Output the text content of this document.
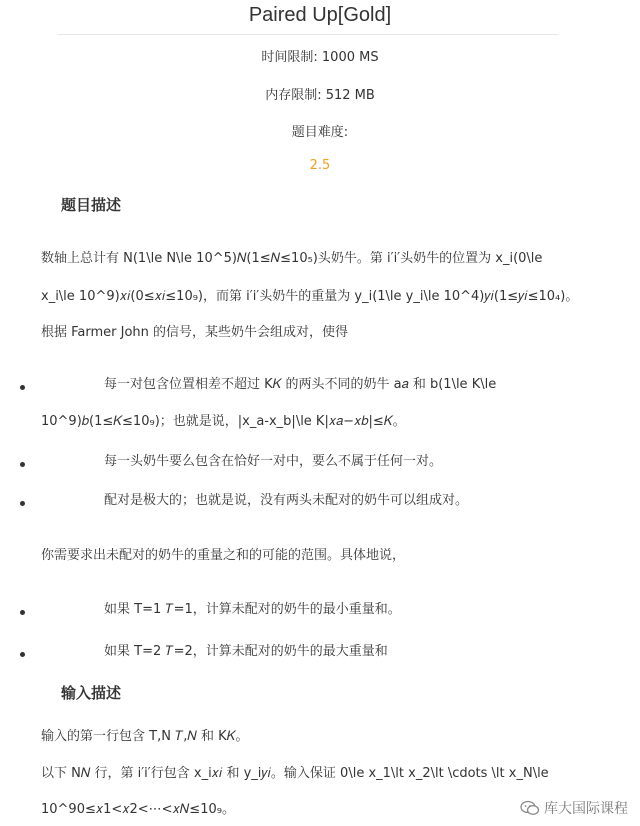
Paired Up[Gold]
时间限制: 1000 MS
内存限制: 512 MB
题目难度:
2.5
题目描述
数轴上总计有 N(1\le N\le 10^5)𝑁(1≤𝑁≤10₅)头奶牛。第 i′i′头奶牛的位置为 x_i(0\le
x_i\le 10^9)𝑥𝑖(0≤𝑥𝑖≤10₉)，而第 i′i′头奶牛的重量为 y_i(1\le y_i\le 10^4)𝑦𝑖(1≤𝑦𝑖≤10₄)。
根据 Farmer John 的信号，某些奶牛会组成对，使得
每一对包含位置相差不超过 K𝐾 的两头不同的奶牛 a𝑎 和 b(1\le K\le
10^9)𝑏(1≤𝐾≤10₉)；也就是说，|x_a-x_b|\le K|𝑥𝑎−𝑥𝑏|≤𝐾。
每一头奶牛要么包含在恰好一对中，要么不属于任何一对。
配对是极大的；也就是说，没有两头未配对的奶牛可以组成对。
你需要求出未配对的奶牛的重量之和的可能的范围。具体地说，
如果 T=1 𝑇=1，计算未配对的奶牛的最小重量和。
如果 T=2 𝑇=2，计算未配对的奶牛的最大重量和
输入描述
输入的第一行包含 T,N 𝑇,𝑁 和 K𝐾。
以下 N𝑁 行，第 i′i′行包含 x_i𝑥𝑖 和 y_i𝑦𝑖。输入保证 0\le x_1\lt x_2\lt \cdots \lt x_N\le
10^90≤𝑥1<𝑥2<⋯<𝑥𝑁≤10₉。	库大国际课程
